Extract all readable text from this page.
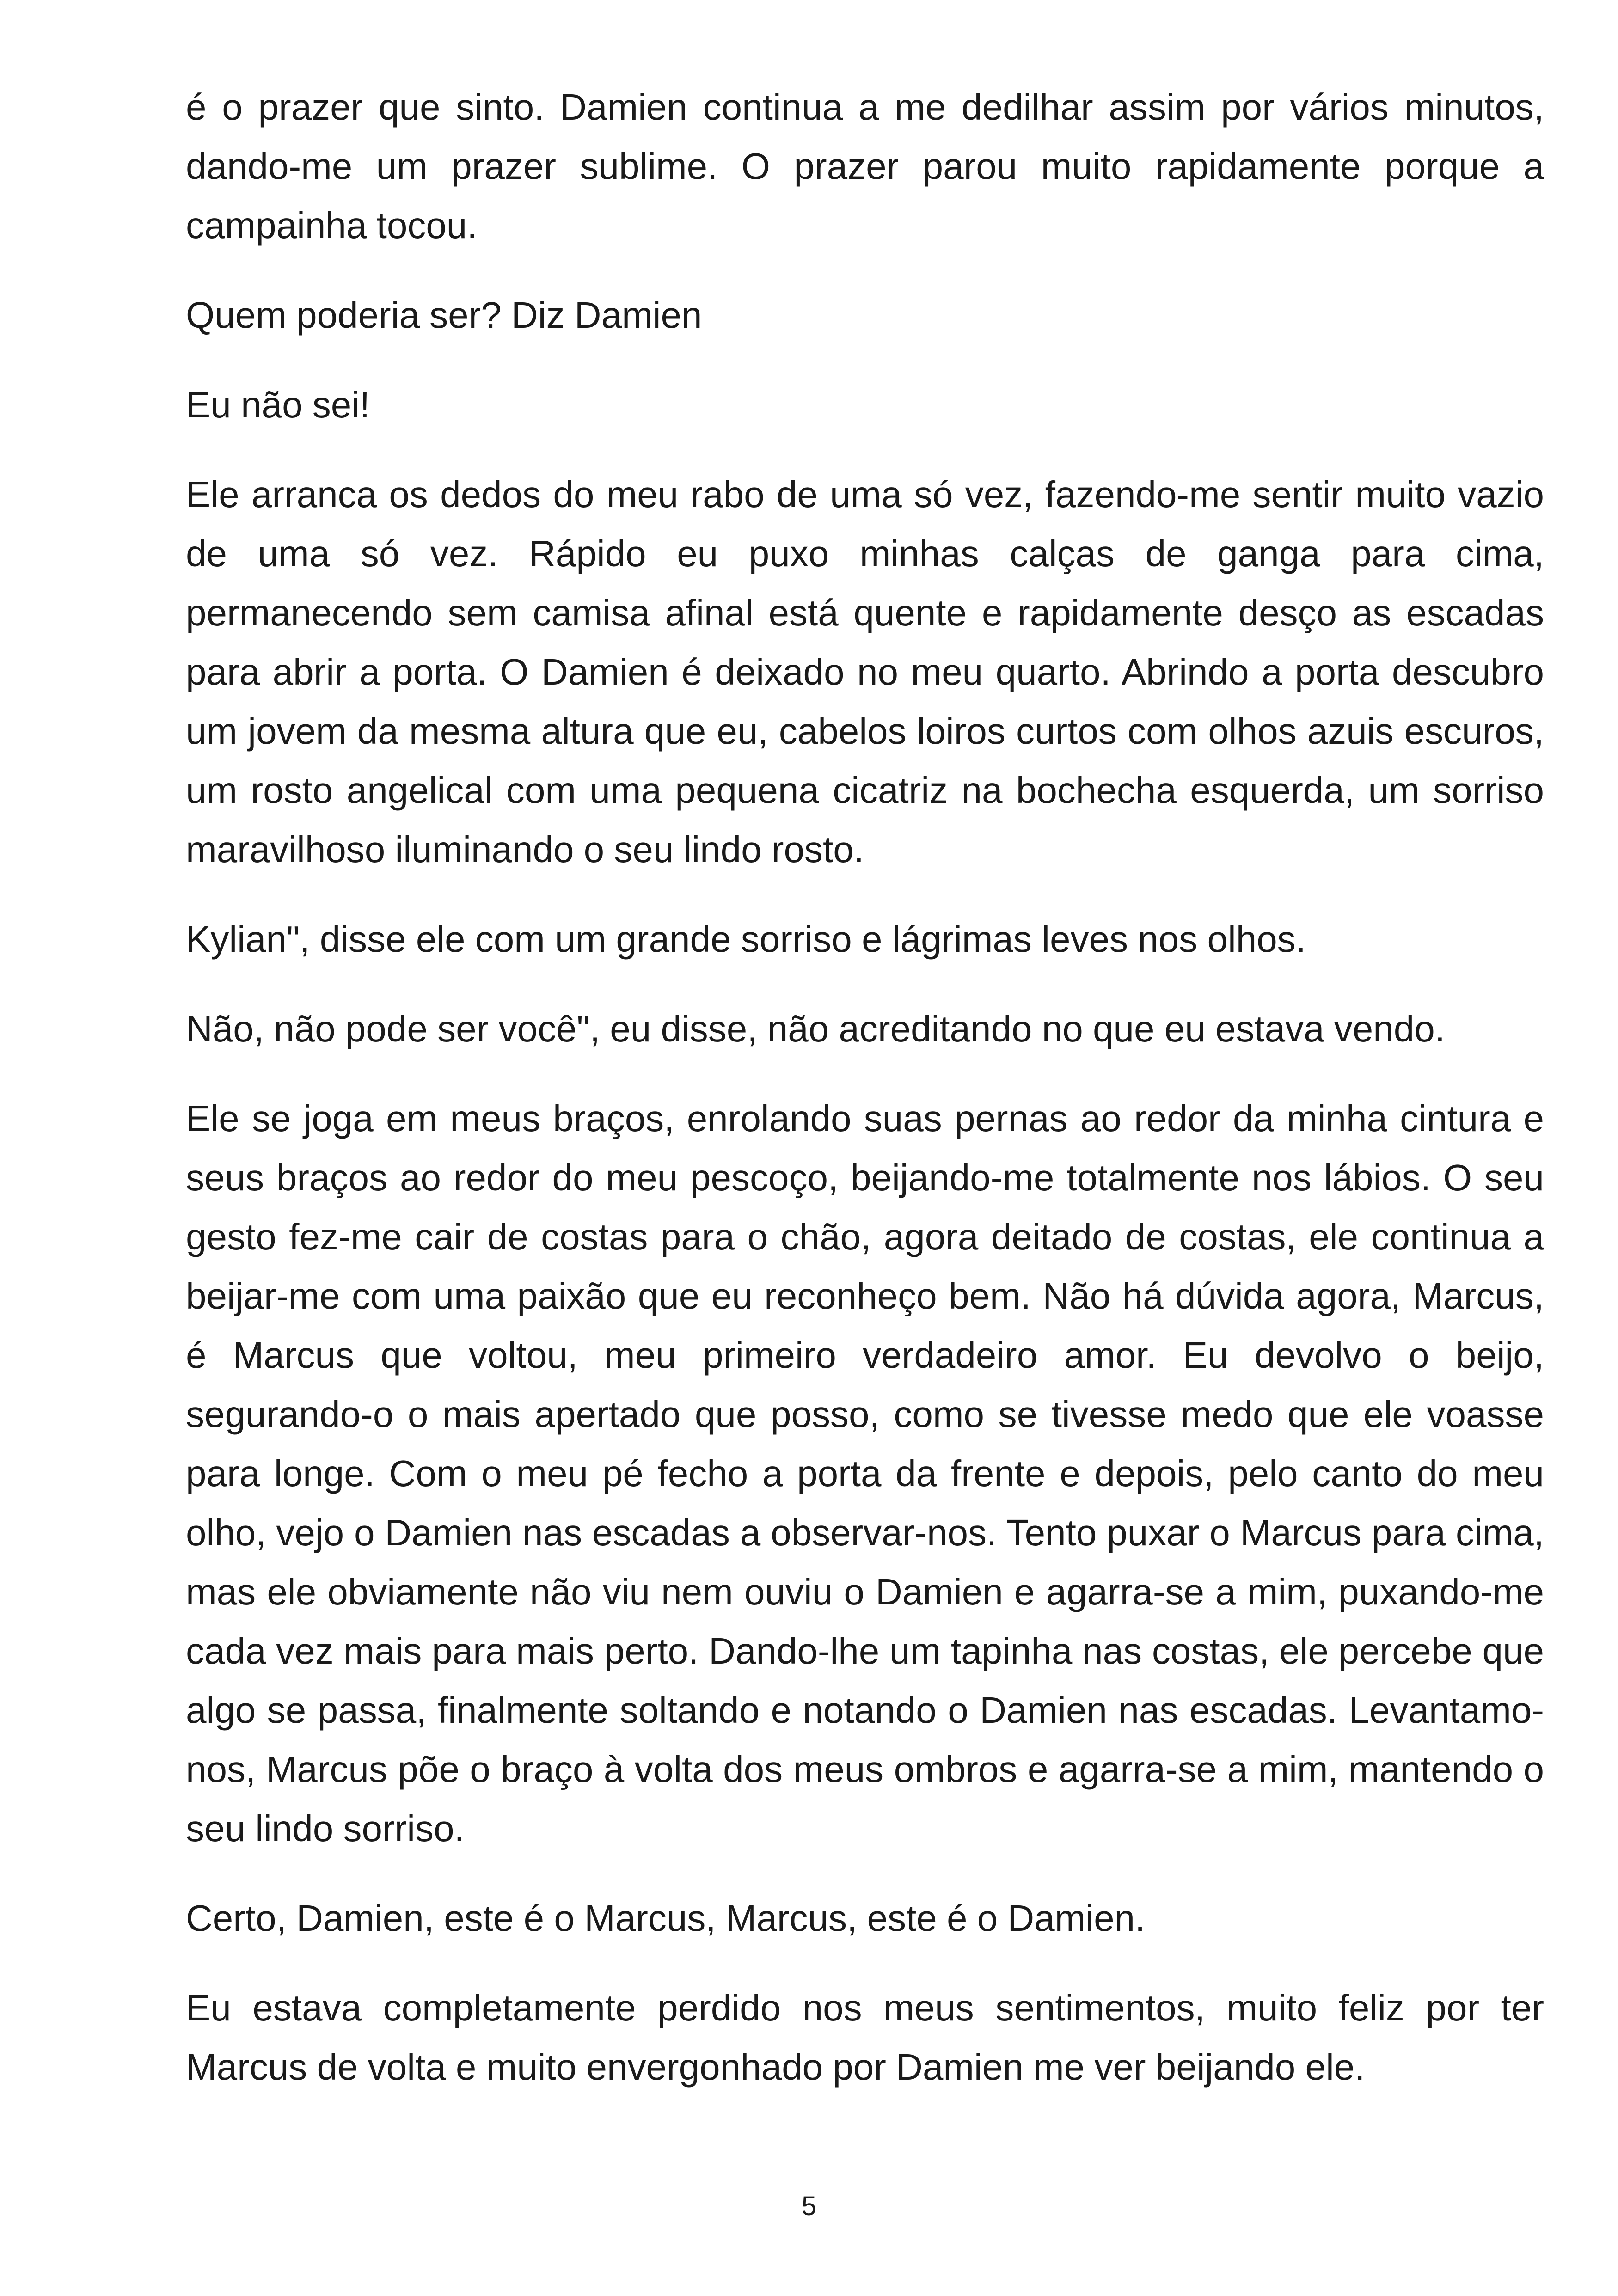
é o prazer que sinto. Damien continua a me dedilhar assim por vários minutos, dando-me um prazer sublime. O prazer parou muito rapidamente porque a campainha tocou.

Quem poderia ser? Diz Damien

Eu não sei!

Ele arranca os dedos do meu rabo de uma só vez, fazendo-me sentir muito vazio de uma só vez. Rápido eu puxo minhas calças de ganga para cima, permanecendo sem camisa afinal está quente e rapidamente desço as escadas para abrir a porta. O Damien é deixado no meu quarto. Abrindo a porta descubro um jovem da mesma altura que eu, cabelos loiros curtos com olhos azuis escuros, um rosto angelical com uma pequena cicatriz na bochecha esquerda, um sorriso maravilhoso iluminando o seu lindo rosto.

Kylian", disse ele com um grande sorriso e lágrimas leves nos olhos.

Não, não pode ser você", eu disse, não acreditando no que eu estava vendo.

Ele se joga em meus braços, enrolando suas pernas ao redor da minha cintura e seus braços ao redor do meu pescoço, beijando-me totalmente nos lábios. O seu gesto fez-me cair de costas para o chão, agora deitado de costas, ele continua a beijar-me com uma paixão que eu reconheço bem. Não há dúvida agora, Marcus, é Marcus que voltou, meu primeiro verdadeiro amor. Eu devolvo o beijo, segurando-o o mais apertado que posso, como se tivesse medo que ele voasse para longe. Com o meu pé fecho a porta da frente e depois, pelo canto do meu olho, vejo o Damien nas escadas a observar-nos. Tento puxar o Marcus para cima, mas ele obviamente não viu nem ouviu o Damien e agarra-se a mim, puxando-me cada vez mais para mais perto. Dando-lhe um tapinha nas costas, ele percebe que algo se passa, finalmente soltando e notando o Damien nas escadas. Levantamo-nos, Marcus põe o braço à volta dos meus ombros e agarra-se a mim, mantendo o seu lindo sorriso.

Certo, Damien, este é o Marcus, Marcus, este é o Damien.

Eu estava completamente perdido nos meus sentimentos, muito feliz por ter Marcus de volta e muito envergonhado por Damien me ver beijando ele.

5
